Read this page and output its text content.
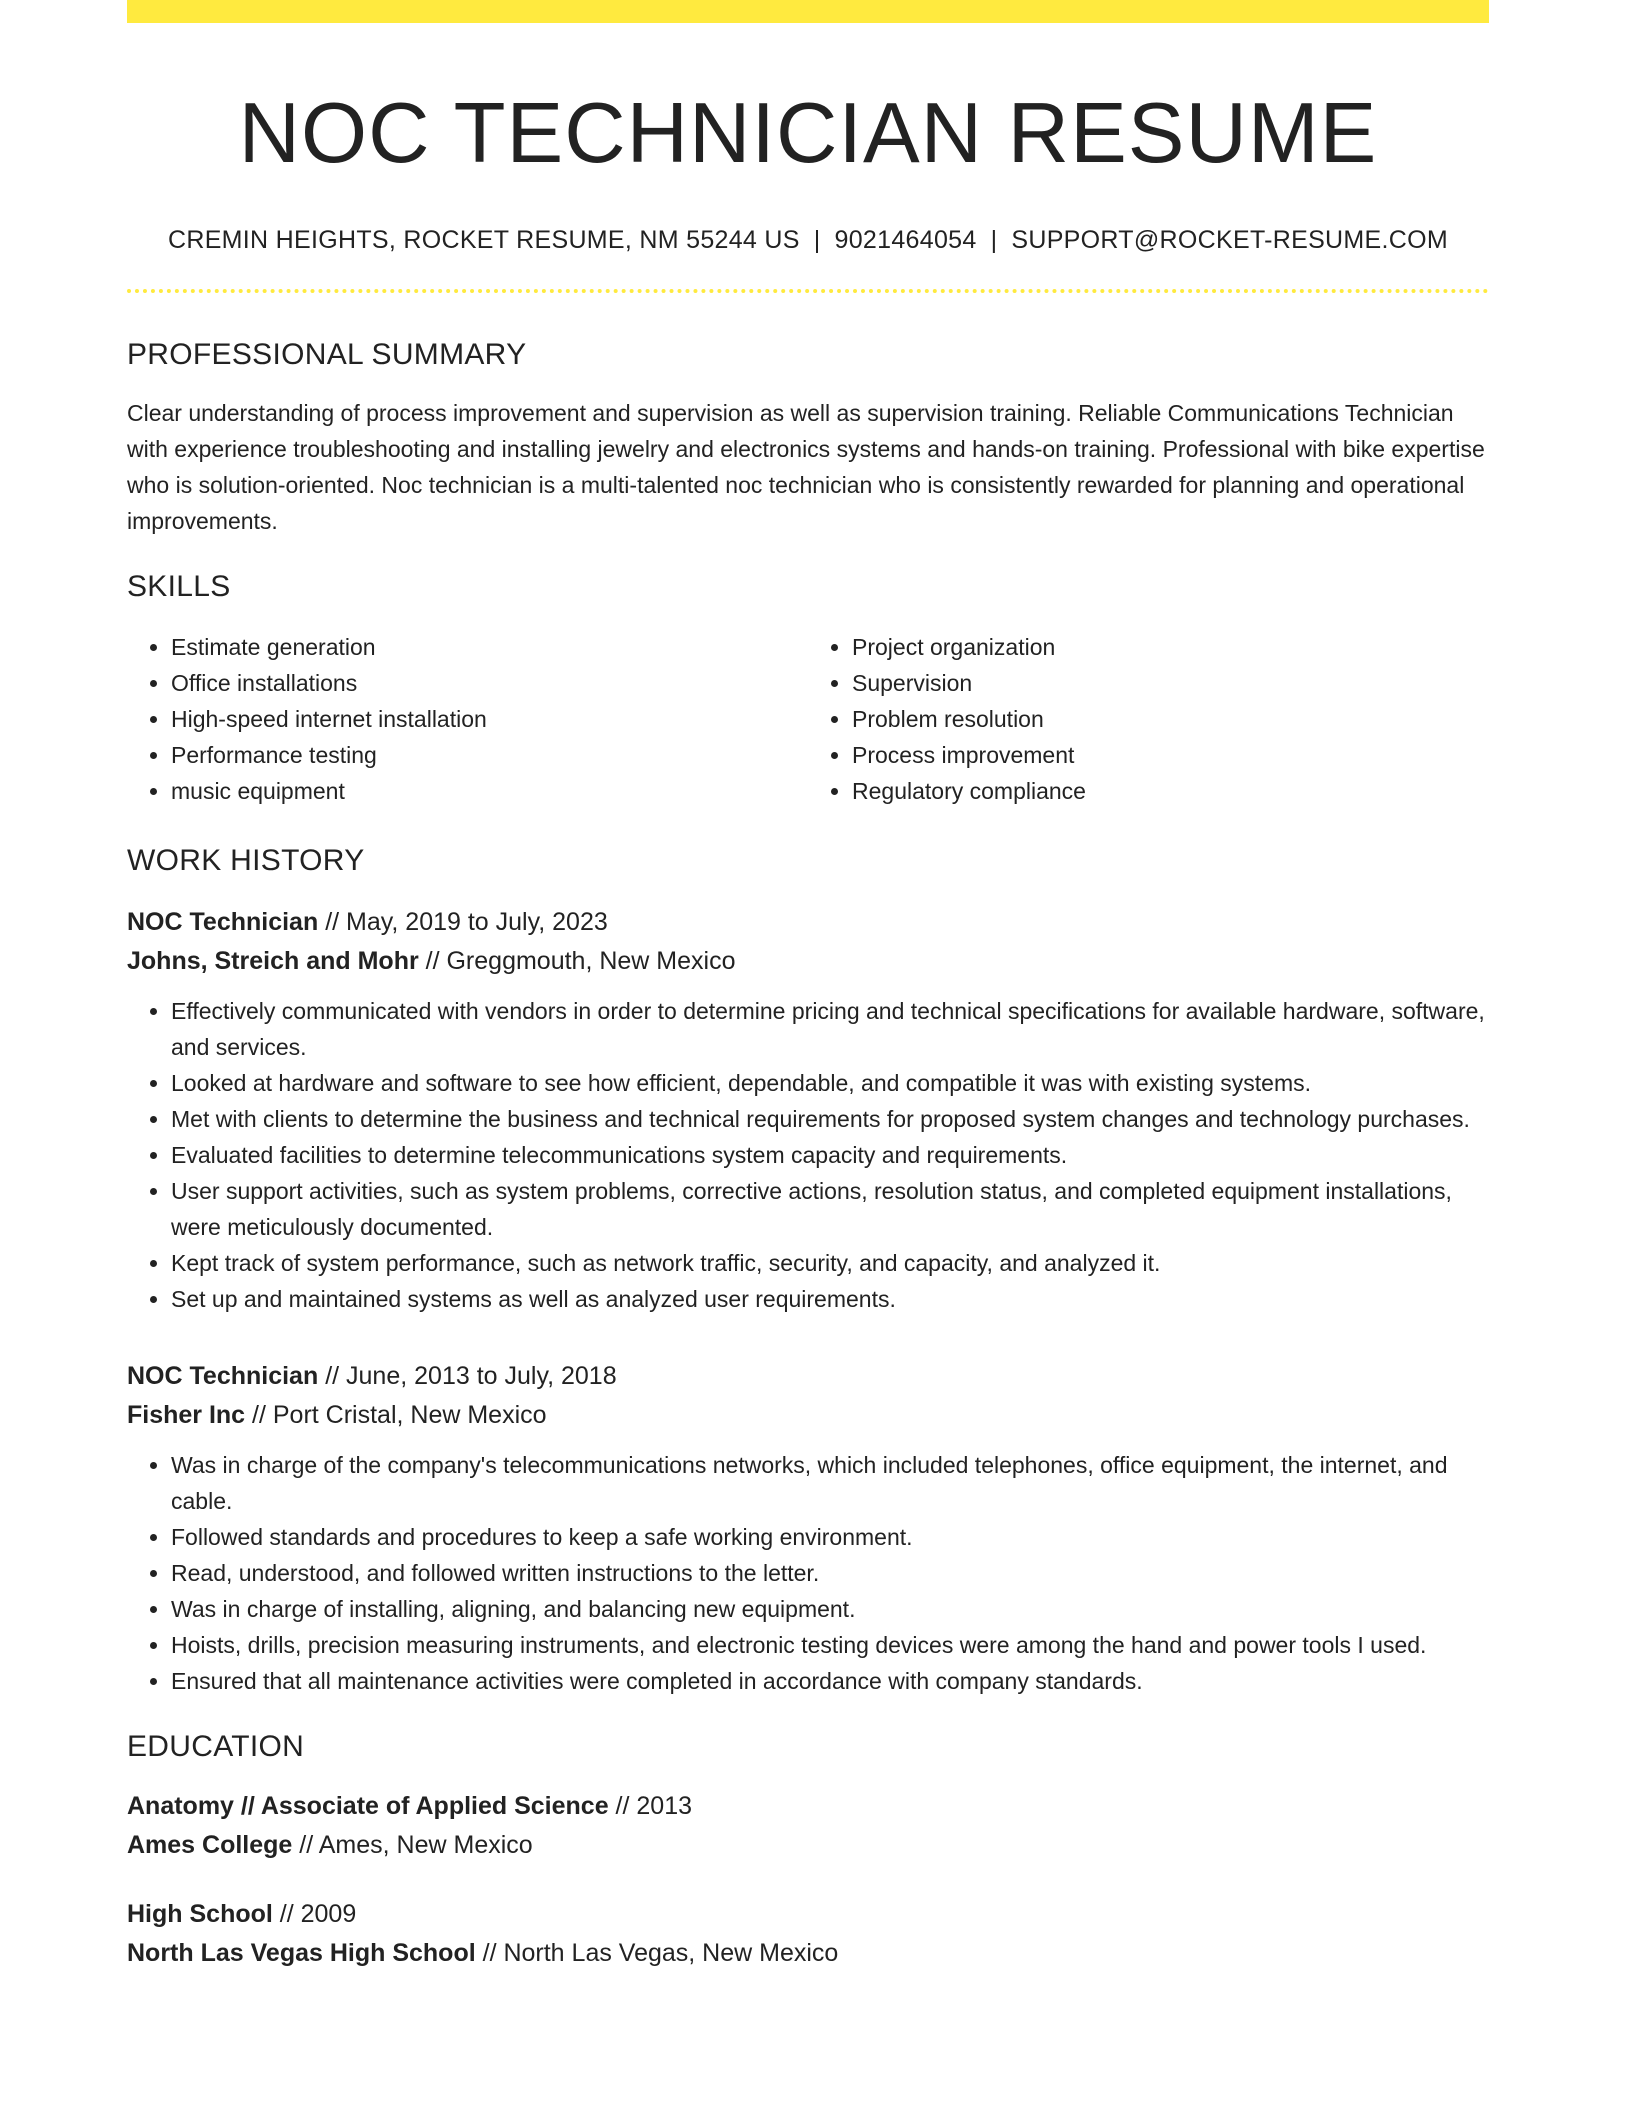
NOC TECHNICIAN RESUME
CREMIN HEIGHTS, ROCKET RESUME, NM 55244 US | 9021464054 | SUPPORT@ROCKET-RESUME.COM
PROFESSIONAL SUMMARY

Clear understanding of process improvement and supervision as well as supervision training. Reliable Communications Technician with experience troubleshooting and installing jewelry and electronics systems and hands-on training. Professional with bike expertise who is solution-oriented. Noc technician is a multi-talented noc technician who is consistently rewarded for planning and operational improvements.

SKILLS
• Estimate generation
• Office installations
• High-speed internet installation
• Performance testing
• music equipment
• Project organization
• Supervision
• Problem resolution
• Process improvement
• Regulatory compliance
WORK HISTORY
NOC Technician // May, 2019 to July, 2023
Johns, Streich and Mohr // Greggmouth, New Mexico
• Effectively communicated with vendors in order to determine pricing and technical specifications for available hardware, software, and services.
• Looked at hardware and software to see how efficient, dependable, and compatible it was with existing systems.
• Met with clients to determine the business and technical requirements for proposed system changes and technology purchases.
• Evaluated facilities to determine telecommunications system capacity and requirements.
• User support activities, such as system problems, corrective actions, resolution status, and completed equipment installations, were meticulously documented.
• Kept track of system performance, such as network traffic, security, and capacity, and analyzed it.
• Set up and maintained systems as well as analyzed user requirements.
NOC Technician // June, 2013 to July, 2018
Fisher Inc // Port Cristal, New Mexico
• Was in charge of the company's telecommunications networks, which included telephones, office equipment, the internet, and cable.
• Followed standards and procedures to keep a safe working environment.
• Read, understood, and followed written instructions to the letter.
• Was in charge of installing, aligning, and balancing new equipment.
• Hoists, drills, precision measuring instruments, and electronic testing devices were among the hand and power tools I used.
• Ensured that all maintenance activities were completed in accordance with company standards.
EDUCATION
Anatomy // Associate of Applied Science // 2013
Ames College // Ames, New Mexico
High School // 2009
North Las Vegas High School // North Las Vegas, New Mexico
